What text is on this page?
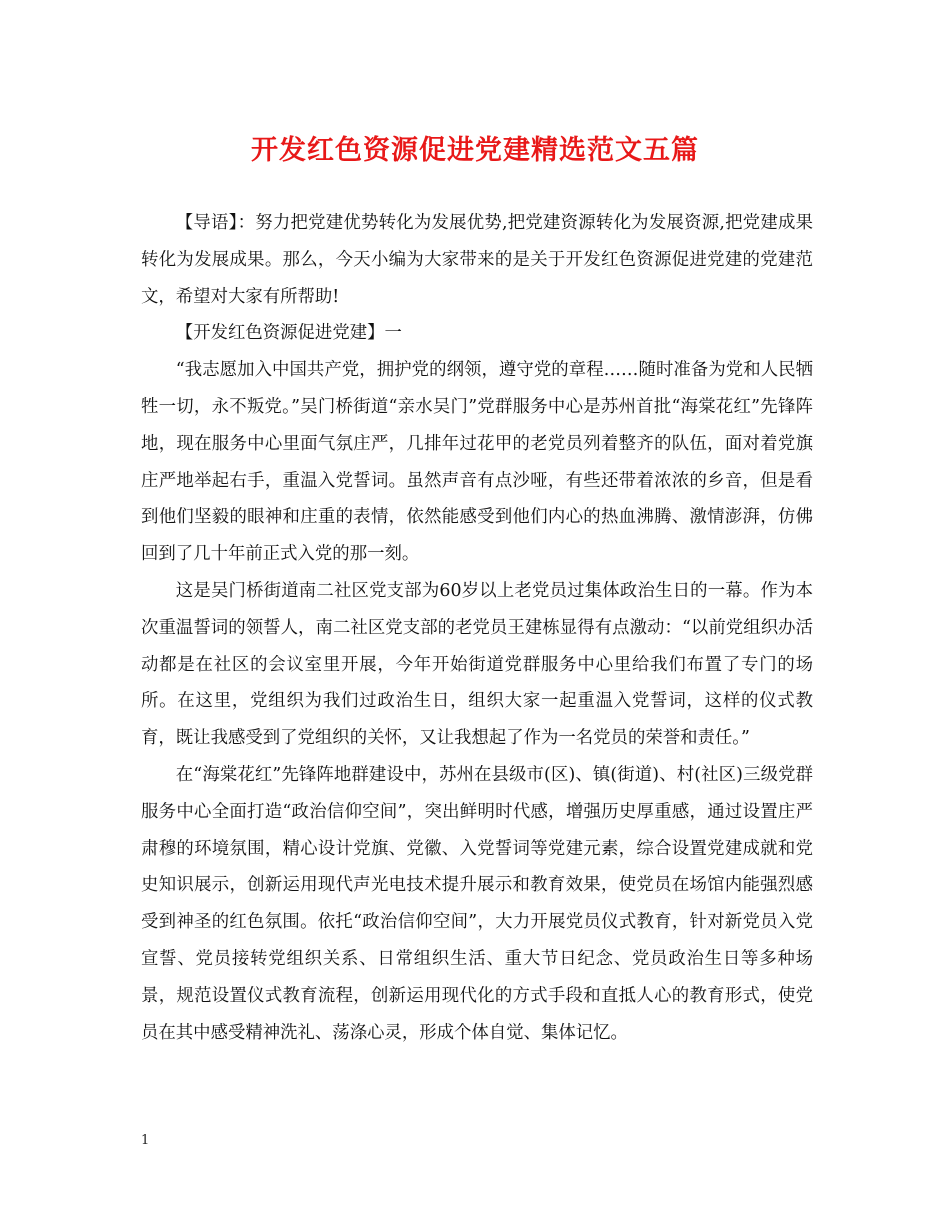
开发红色资源促进党建精选范文五篇

【导语】：努力把党建优势转化为发展优势,把党建资源转化为发展资源,把党建成果转化为发展成果。那么，今天小编为大家带来的是关于开发红色资源促进党建的党建范文，希望对大家有所帮助!

【开发红色资源促进党建】一

“我志愿加入中国共产党，拥护党的纲领，遵守党的章程……随时准备为党和人民牺牲一切，永不叛党。”吴门桥街道“亲水吴门”党群服务中心是苏州首批“海棠花红”先锋阵地，现在服务中心里面气氛庄严，几排年过花甲的老党员列着整齐的队伍，面对着党旗庄严地举起右手，重温入党誓词。虽然声音有点沙哑，有些还带着浓浓的乡音，但是看到他们坚毅的眼神和庄重的表情，依然能感受到他们内心的热血沸腾、激情澎湃，仿佛回到了几十年前正式入党的那一刻。

这是吴门桥街道南二社区党支部为60岁以上老党员过集体政治生日的一幕。作为本次重温誓词的领誓人，南二社区党支部的老党员王建栋显得有点激动：“以前党组织办活动都是在社区的会议室里开展，今年开始街道党群服务中心里给我们布置了专门的场所。在这里，党组织为我们过政治生日，组织大家一起重温入党誓词，这样的仪式教育，既让我感受到了党组织的关怀，又让我想起了作为一名党员的荣誉和责任。”

在“海棠花红”先锋阵地群建设中，苏州在县级市(区)、镇(街道)、村(社区)三级党群服务中心全面打造“政治信仰空间”，突出鲜明时代感，增强历史厚重感，通过设置庄严肃穆的环境氛围，精心设计党旗、党徽、入党誓词等党建元素，综合设置党建成就和党史知识展示，创新运用现代声光电技术提升展示和教育效果，使党员在场馆内能强烈感受到神圣的红色氛围。依托“政治信仰空间”，大力开展党员仪式教育，针对新党员入党宣誓、党员接转党组织关系、日常组织生活、重大节日纪念、党员政治生日等多种场景，规范设置仪式教育流程，创新运用现代化的方式手段和直抵人心的教育形式，使党员在其中感受精神洗礼、荡涤心灵，形成个体自觉、集体记忆。

1
